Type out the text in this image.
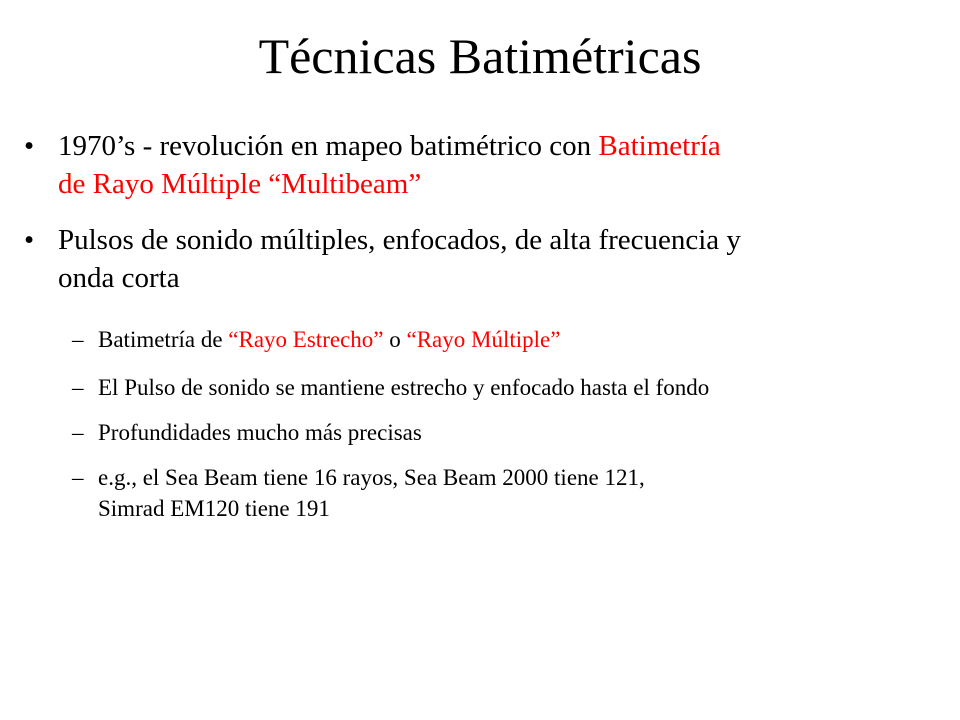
Técnicas Batimétricas
• 1970’s - revolución en mapeo batimétrico con Batimetría
de Rayo Múltiple “Multibeam”
• Pulsos de sonido múltiples, enfocados, de alta frecuencia y
onda corta
– Batimetría de “Rayo Estrecho” o “Rayo Múltiple”
– El Pulso de sonido se mantiene estrecho y enfocado hasta el fondo
– Profundidades mucho más precisas
– e.g., el Sea Beam tiene 16 rayos, Sea Beam 2000 tiene 121,
Simrad EM120 tiene 191
